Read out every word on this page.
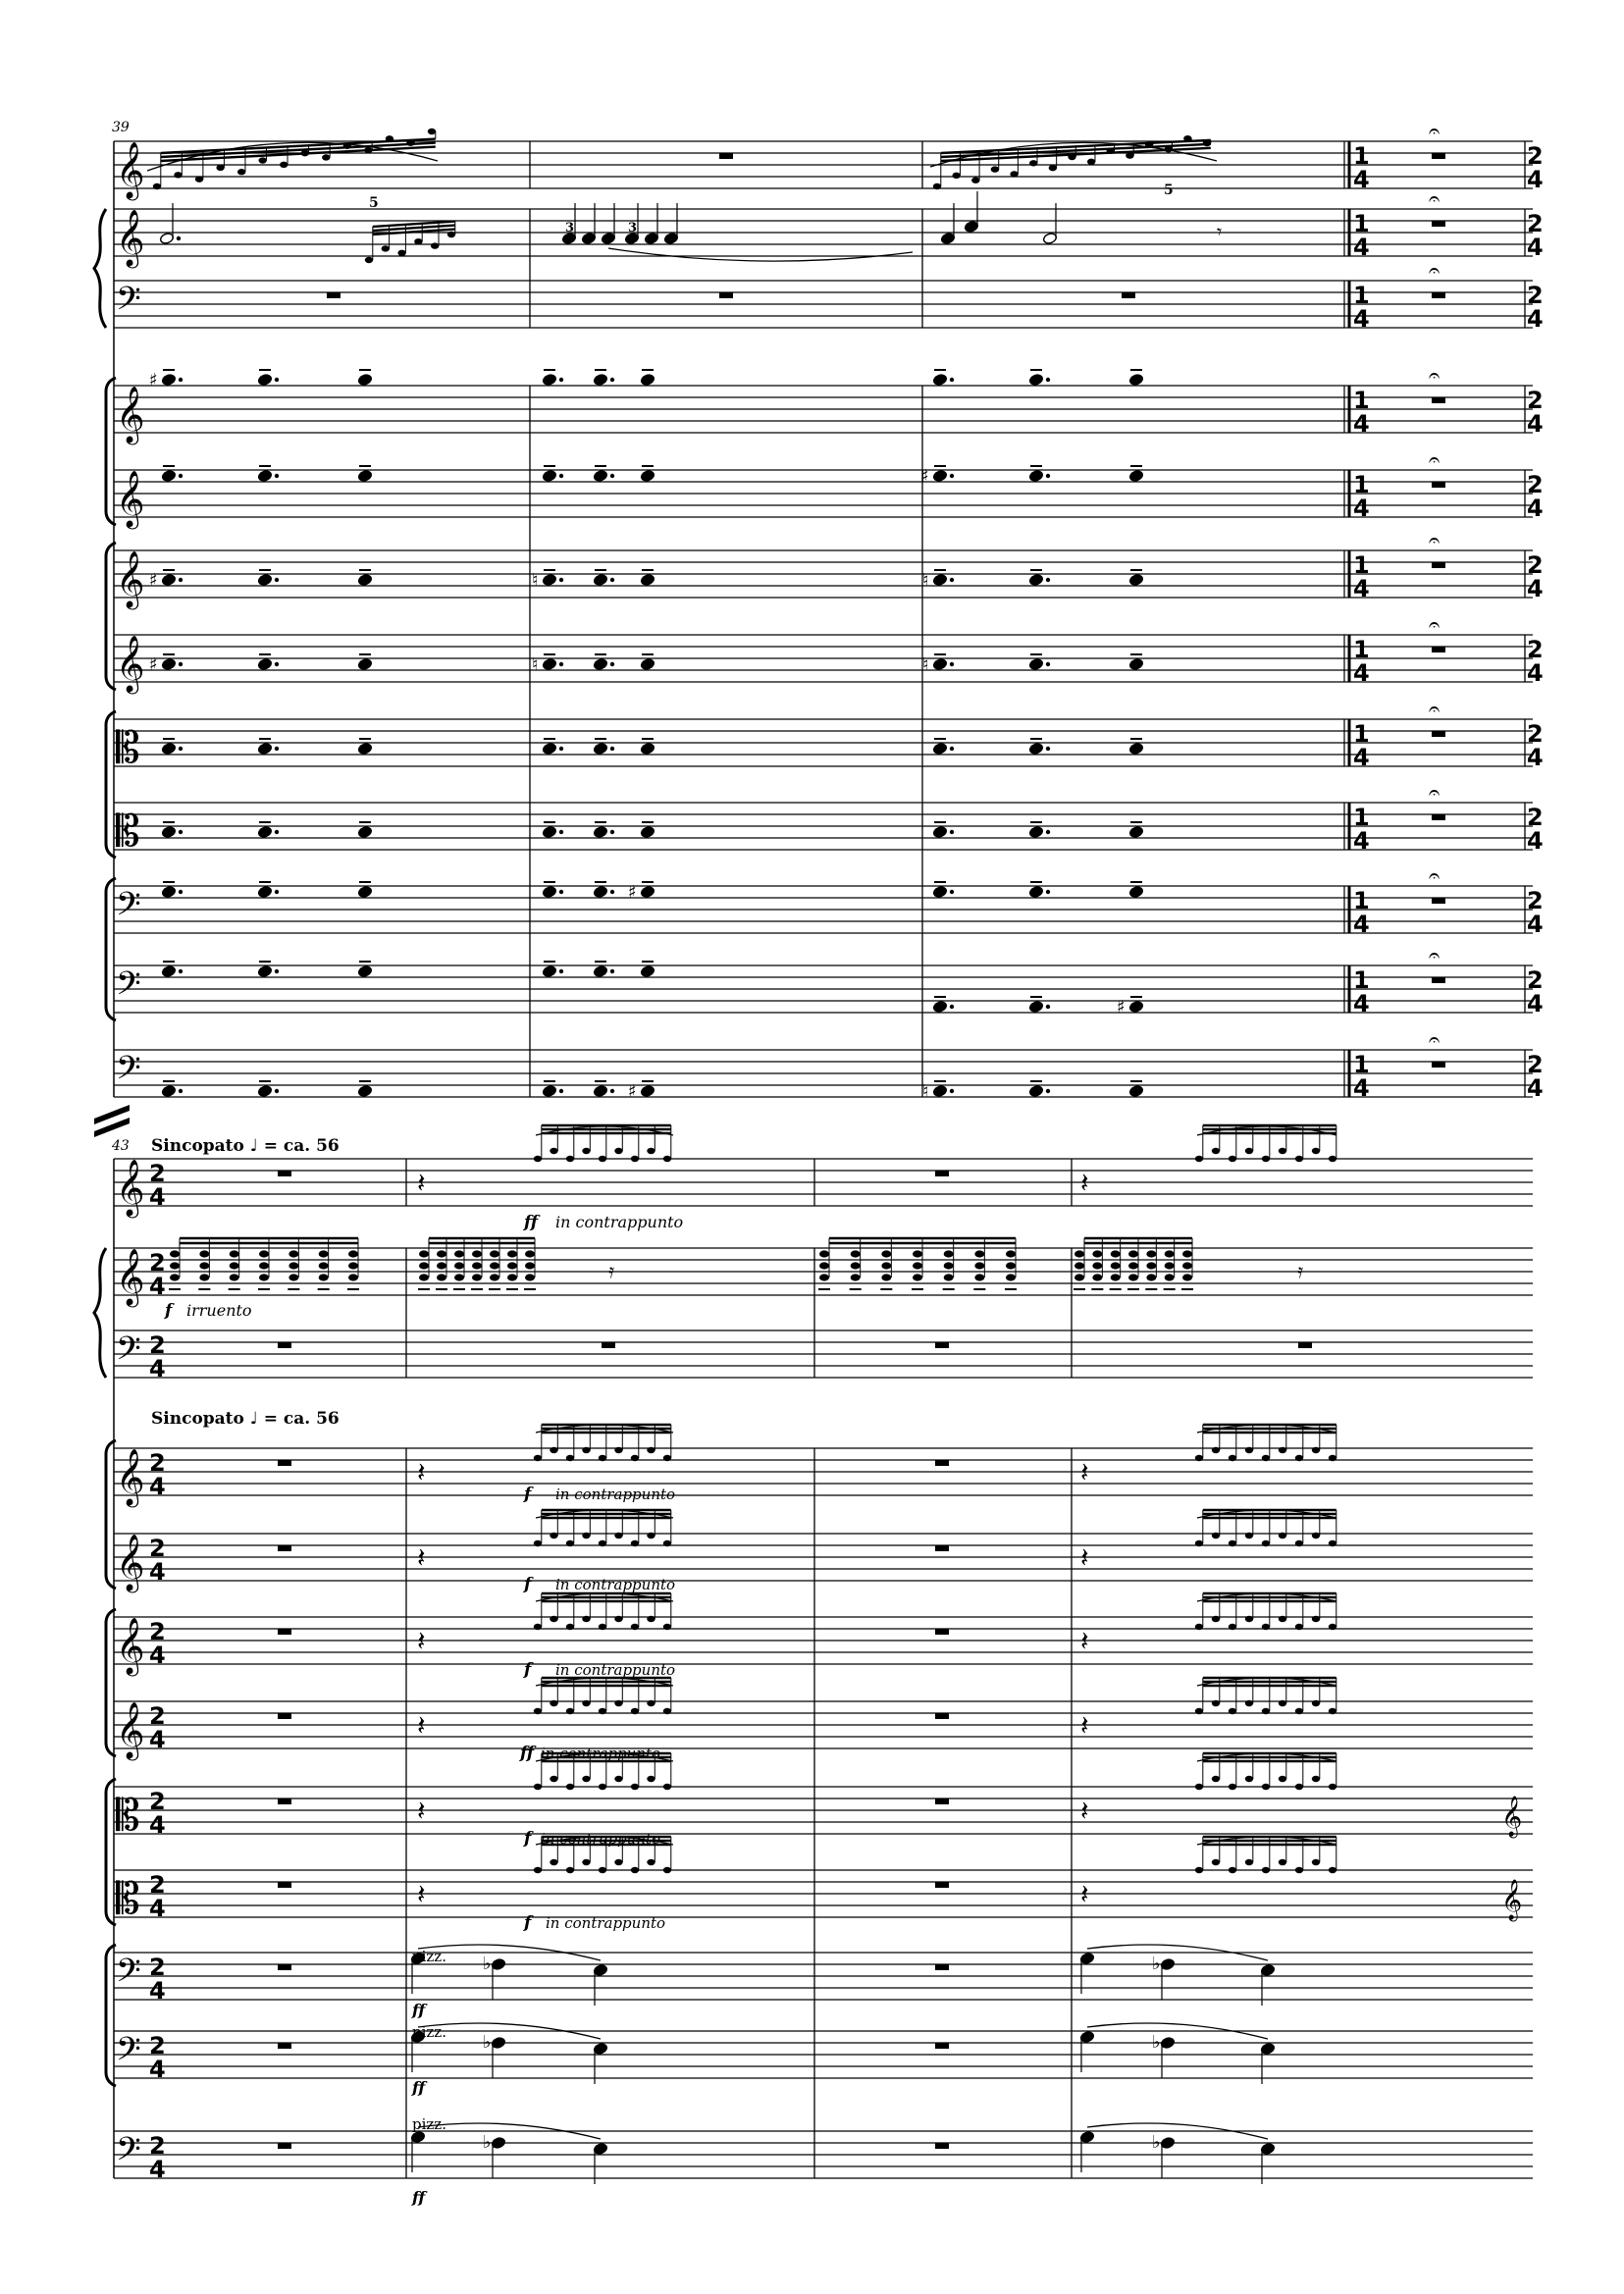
𝄞	1
4
𝄐
2
4
𝄞	1
4
𝄐
2
4
𝄢	1
4
𝄐
2
4
𝄞	1
4
𝄐
2
4
𝄞	1
4
𝄐
2
4
𝄞	1
4
𝄐
2
4
𝄞	1
4
𝄐
2
4
𝄡	1
4
𝄐
2
4
𝄡	1
4
𝄐
2
4
𝄢	1
4
𝄐
2
4
𝄢	1
4
𝄐
2
4
𝄢	1
4
𝄐
2
4
𝄾
♯
♯
♯	♮	♮
♯	♮	♮
♯
♯
♯	♮
𝄞 2
4
𝄞 2
4
𝄢 2
4
𝄞 2
4
𝄞 2
4
𝄞 2
4
𝄞 2
4
𝄡 2
4
𝄡 2
4
𝄢 2
4
𝄢 2
4
𝄢 2
4
𝄞
𝄞
𝄽	𝄽
𝄿	𝄿
𝄽	𝄽
𝄽	𝄽
𝄽	𝄽
𝄽	𝄽
𝄽	𝄽
𝄽	𝄽
♭	♭
♭	♭
♭	♭
39
5
3	3
5
43 Sincopato ♩ = ca. 56
Sincopato ♩ = ca. 56
ff in contrappunto
f irruento
f in contrappunto
f in contrappunto
f in contrappunto
ff in contrappunto
f in contrappunto
f in contrappunto
pizz.
ff
pizz.
ff
pizz.
ff
